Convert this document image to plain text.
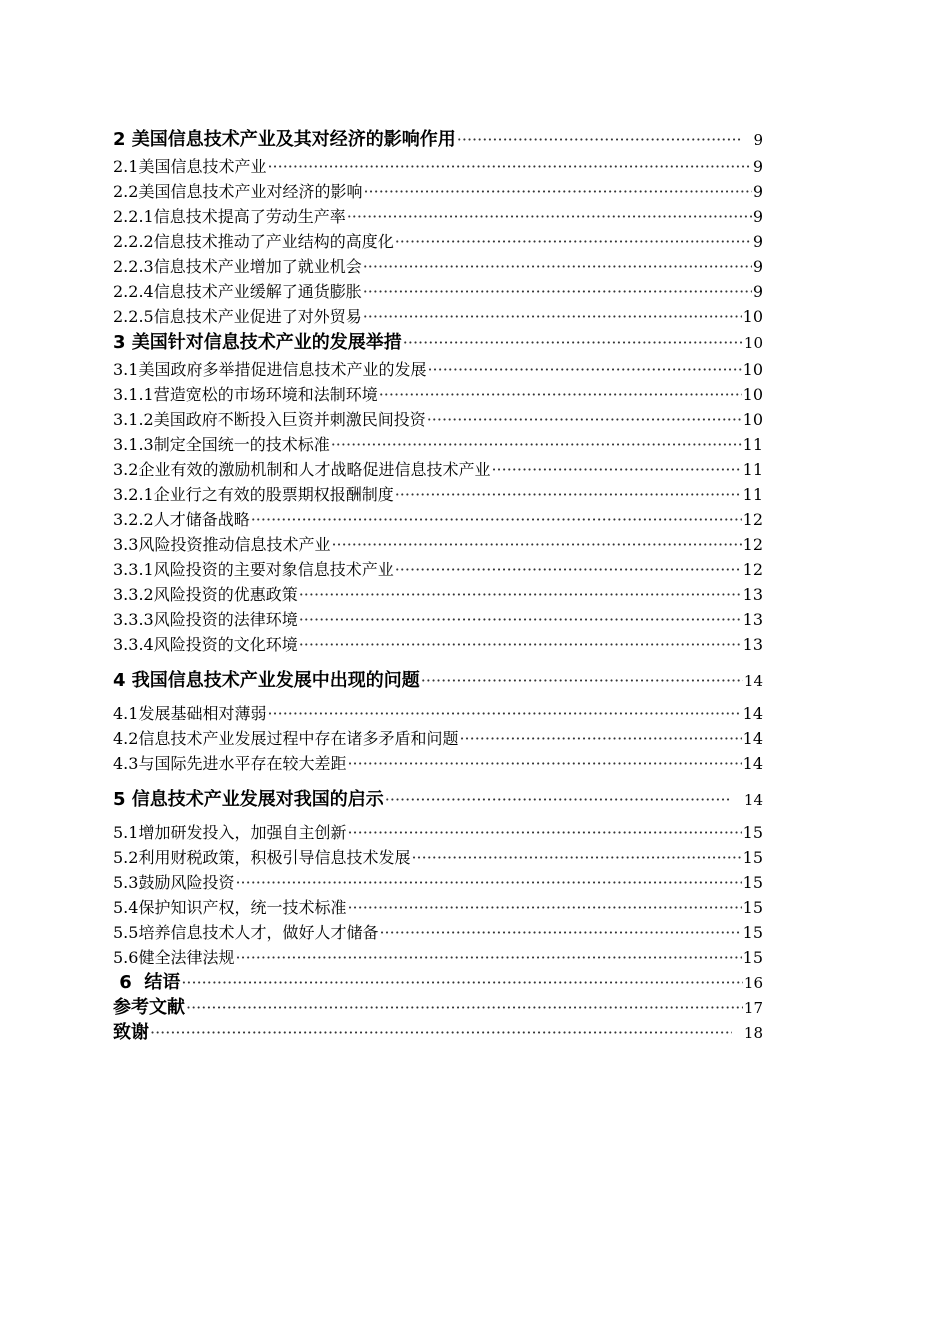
2 美国信息技术产业及其对经济的影响作用 ·····	9
2.1美国信息技术产业 ·····	9
2.2美国信息技术产业对经济的影响 ·····	9
2.2.1信息技术提高了劳动生产率 ·····	9
2.2.2信息技术推动了产业结构的高度化 ·····	9
2.2.3信息技术产业增加了就业机会 ·····	9
2.2.4信息技术产业缓解了通货膨胀 ·····	9
2.2.5信息技术产业促进了对外贸易 ·····	10
3 美国针对信息技术产业的发展举措 ·····	10
3.1美国政府多举措促进信息技术产业的发展 ·····	10
3.1.1营造宽松的市场环境和法制环境 ·····	10
3.1.2美国政府不断投入巨资并刺激民间投资 ·····	10
3.1.3制定全国统一的技术标准 ·····	11
3.2企业有效的激励机制和人才战略促进信息技术产业 ·····	11
3.2.1企业行之有效的股票期权报酬制度 ·····	11
3.2.2人才储备战略 ·····	12
3.3风险投资推动信息技术产业 ·····	12
3.3.1风险投资的主要对象信息技术产业 ·····	12
3.3.2风险投资的优惠政策 ·····	13
3.3.3风险投资的法律环境 ·····	13
3.3.4风险投资的文化环境 ·····	13
4 我国信息技术产业发展中出现的问题 ·····	14
4.1发展基础相对薄弱 ·····	14
4.2信息技术产业发展过程中存在诸多矛盾和问题 ·····	14
4.3与国际先进水平存在较大差距 ·····	14
5 信息技术产业发展对我国的启示 ·····	14
5.1增加研发投入，加强自主创新 ·····	15
5.2利用财税政策，积极引导信息技术发展 ·····	15
5.3鼓励风险投资 ·····	15
5.4保护知识产权，统一技术标准 ·····	15
5.5培养信息技术人才，做好人才储备 ·····	15
5.6健全法律法规 ·····	15
6  结语 ·····	16
参考文献 ·····	17
致谢 ·····	18
